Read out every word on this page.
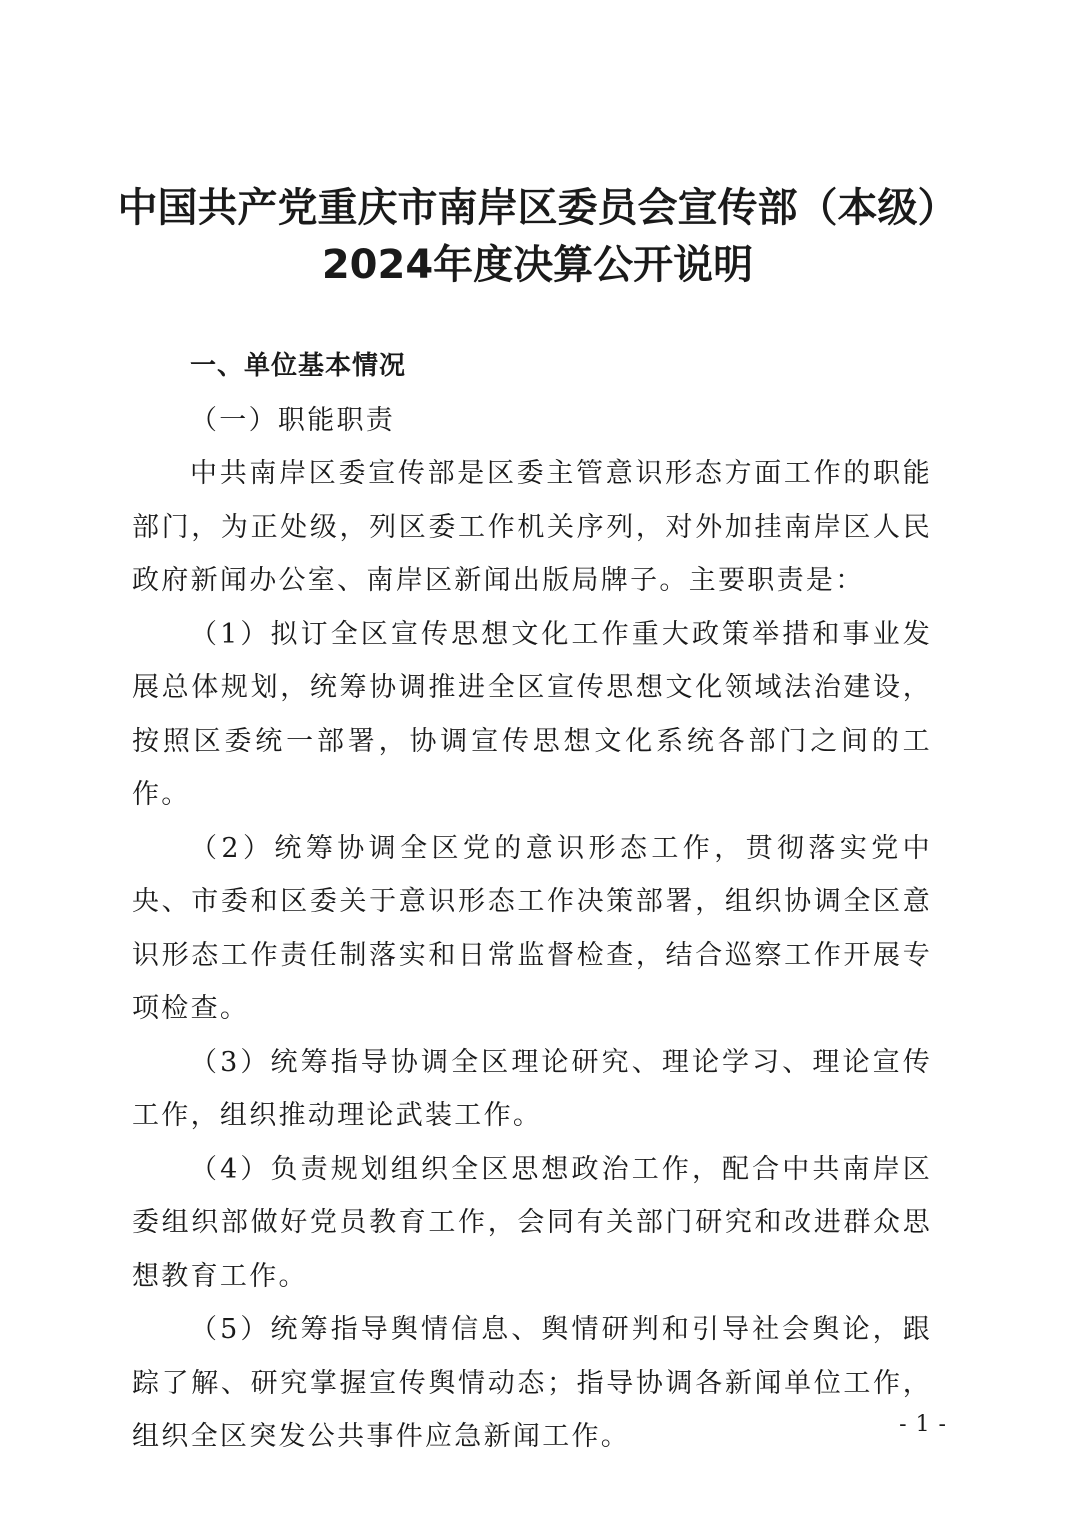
中国共产党重庆市南岸区委员会宣传部（本级）
2024年度决算公开说明
一、单位基本情况
（一）职能职责

中共南岸区委宣传部是区委主管意识形态方面工作的职能部门，为正处级，列区委工作机关序列，对外加挂南岸区人民政府新闻办公室、南岸区新闻出版局牌子。主要职责是：

（1）拟订全区宣传思想文化工作重大政策举措和事业发展总体规划，统筹协调推进全区宣传思想文化领域法治建设，按照区委统一部署，协调宣传思想文化系统各部门之间的工作。

（2）统筹协调全区党的意识形态工作，贯彻落实党中央、市委和区委关于意识形态工作决策部署，组织协调全区意识形态工作责任制落实和日常监督检查，结合巡察工作开展专项检查。

（3）统筹指导协调全区理论研究、理论学习、理论宣传工作，组织推动理论武装工作。

（4）负责规划组织全区思想政治工作，配合中共南岸区委组织部做好党员教育工作，会同有关部门研究和改进群众思想教育工作。

（5）统筹指导舆情信息、舆情研判和引导社会舆论，跟踪了解、研究掌握宣传舆情动态；指导协调各新闻单位工作，组织全区突发公共事件应急新闻工作。	- 1 -
